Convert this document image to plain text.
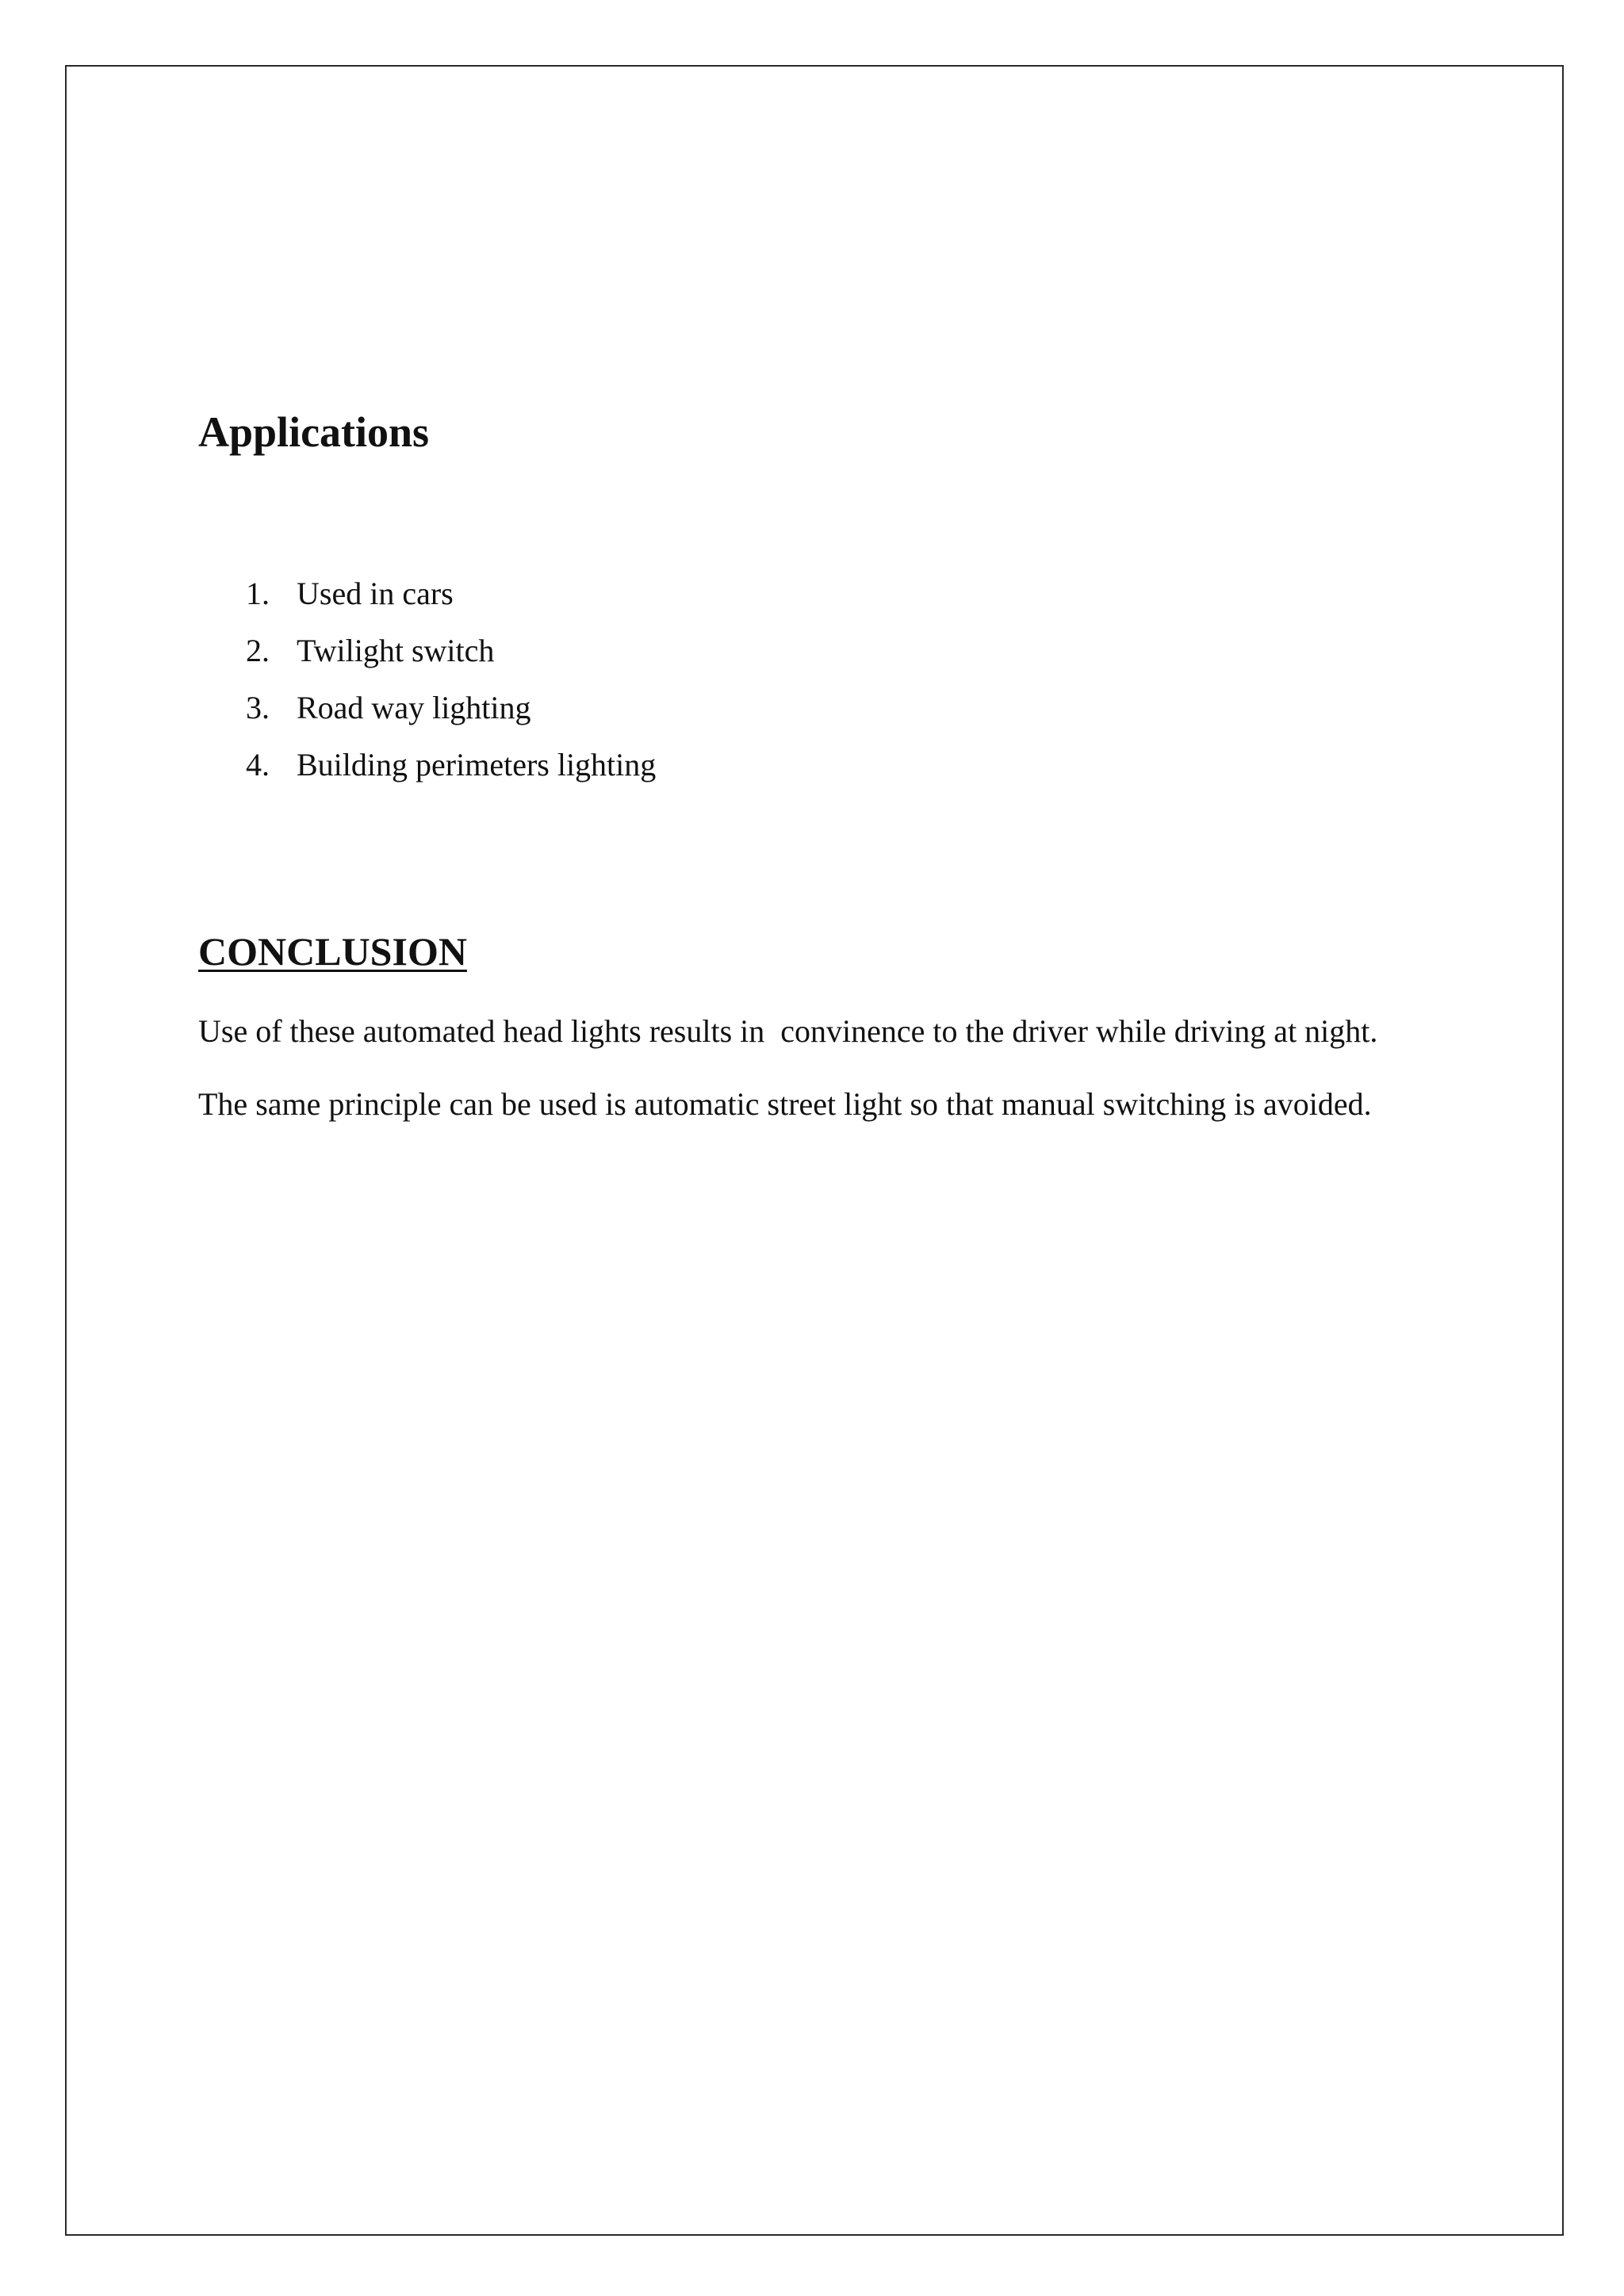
Applications
1. Used in cars
2. Twilight switch
3. Road way lighting
4. Building perimeters lighting
CONCLUSION

Use of these automated head lights results in  convinence to the driver while driving at night.

The same principle can be used is automatic street light so that manual switching is avoided.
